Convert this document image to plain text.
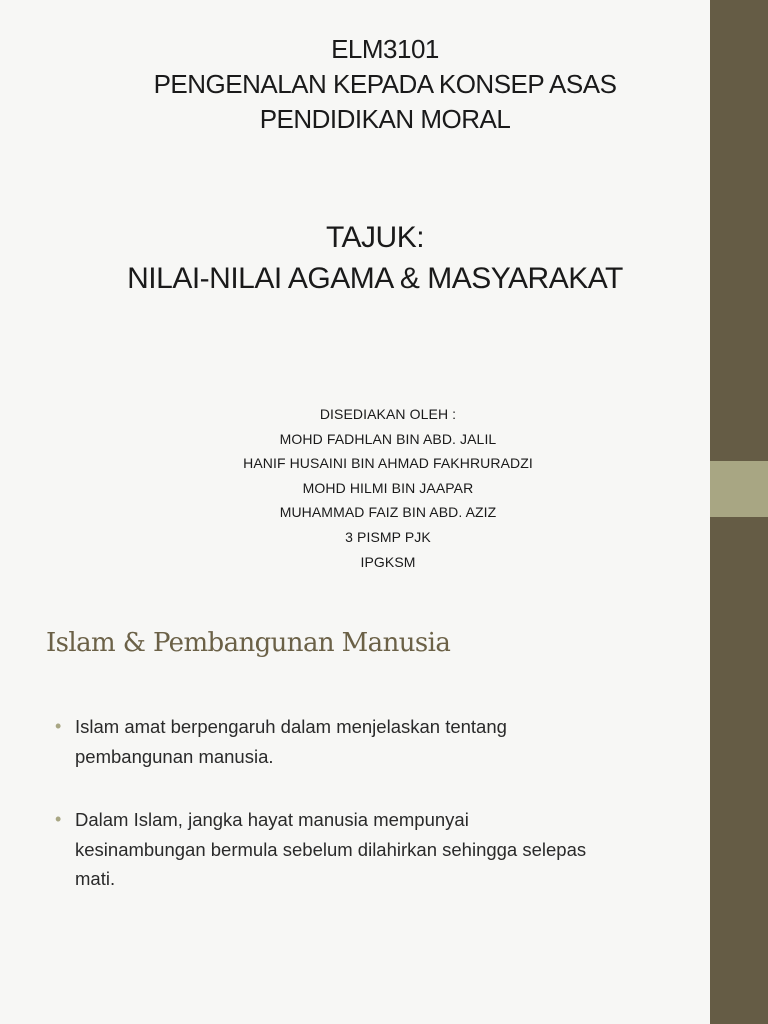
ELM3101
PENGENALAN KEPADA KONSEP ASAS
PENDIDIKAN MORAL
TAJUK:
NILAI-NILAI AGAMA & MASYARAKAT
DISEDIAKAN OLEH :
MOHD FADHLAN BIN ABD. JALIL
HANIF HUSAINI BIN AHMAD FAKHRURADZI
MOHD HILMI BIN JAAPAR
MUHAMMAD FAIZ BIN ABD. AZIZ
3 PISMP PJK
IPGKSM
Islam & Pembangunan Manusia
• Islam amat berpengaruh dalam menjelaskan tentang
pembangunan manusia.
• Dalam Islam, jangka hayat manusia mempunyai
kesinambungan bermula sebelum dilahirkan sehingga selepas
mati.
